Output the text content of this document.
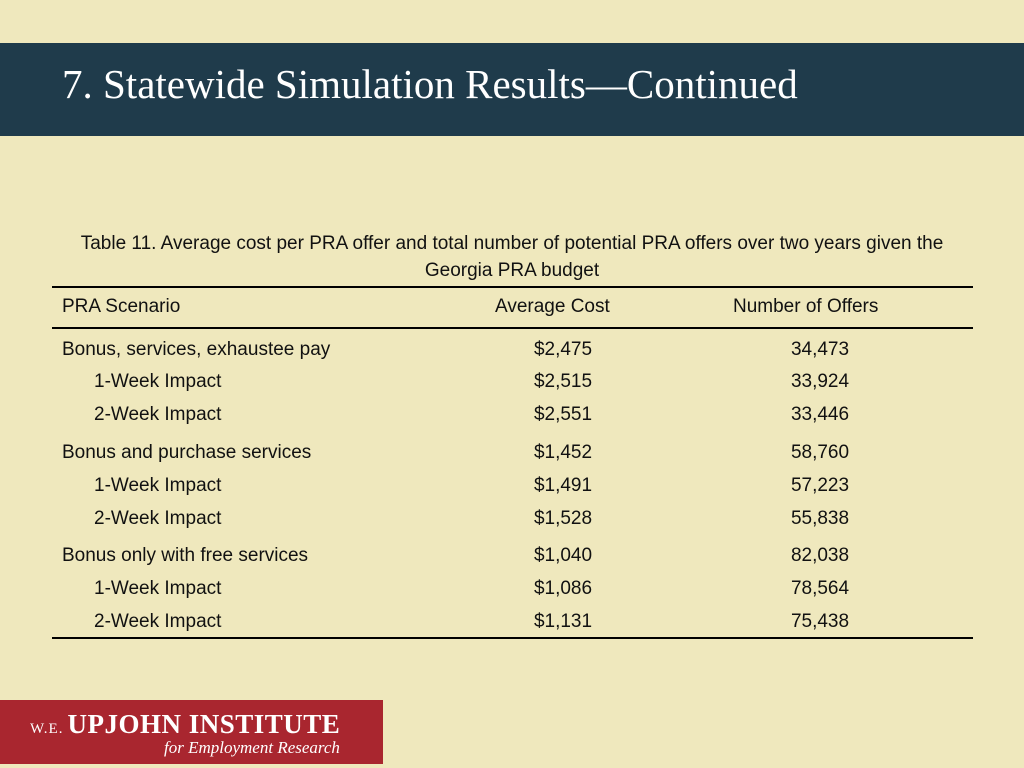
7. Statewide Simulation Results—Continued
Table 11. Average cost per PRA offer and total number of potential PRA offers over two years given the Georgia PRA budget
PRA Scenario	Average Cost	Number of Offers
Bonus, services, exhaustee pay	$2,475	34,473
1-Week Impact	$2,515	33,924
2-Week Impact	$2,551	33,446
Bonus and purchase services	$1,452	58,760
1-Week Impact	$1,491	57,223
2-Week Impact	$1,528	55,838
Bonus only with free services	$1,040	82,038
1-Week Impact	$1,086	78,564
2-Week Impact	$1,131	75,438
W.E. UPJOHN INSTITUTE
for Employment Research
